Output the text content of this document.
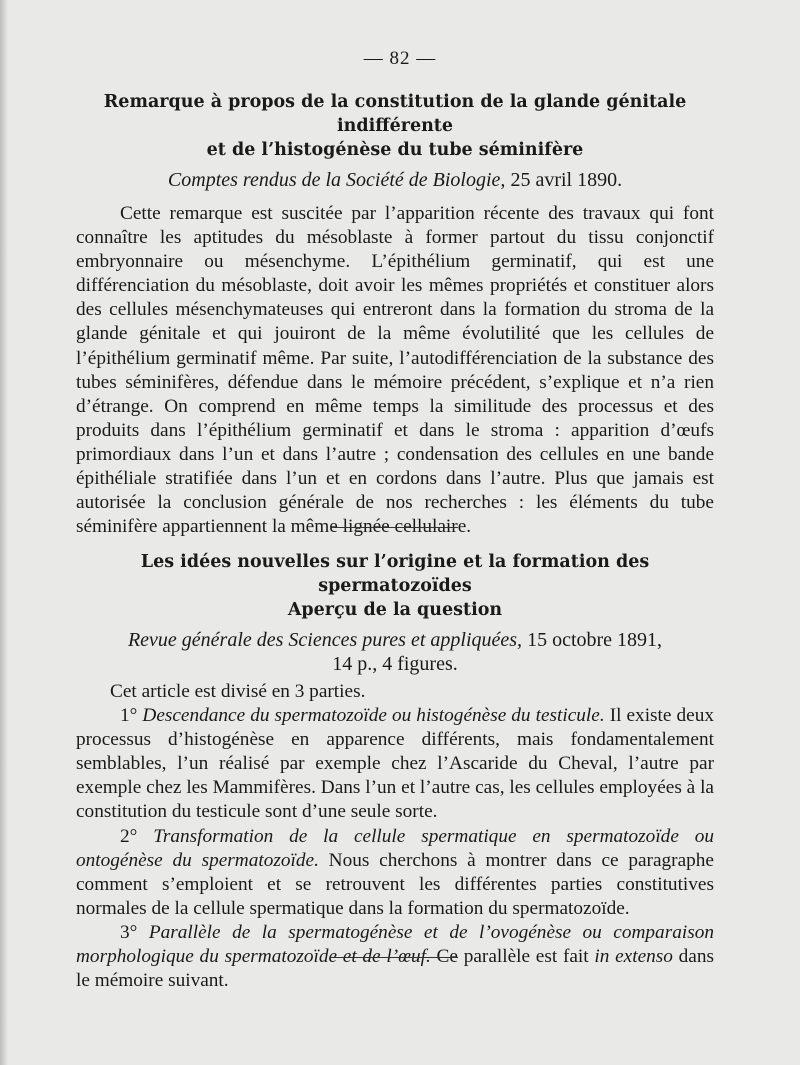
— 82 —

Remarque à propos de la constitution de la glande génitale indifférente

et de l’histogénèse du tube séminifère

Comptes rendus de la Société de Biologie, 25 avril 1890.

Cette remarque est suscitée par l’apparition récente des travaux qui font connaître les aptitudes du mésoblaste à former partout du tissu conjonctif embryonnaire ou mésenchyme. L’épithélium germinatif, qui est une différenciation du mésoblaste, doit avoir les mêmes propriétés et constituer alors des cellules mésenchymateuses qui entreront dans la formation du stroma de la glande génitale et qui jouiront de la même évolutilité que les cellules de l’épithélium germinatif même. Par suite, l’autodifférenciation de la substance des tubes séminifères, défendue dans le mémoire précédent, s’explique et n’a rien d’étrange. On comprend en même temps la similitude des processus et des produits dans l’épithélium germinatif et dans le stroma : apparition d’œufs primordiaux dans l’un et dans l’autre ; condensation des cellules en une bande épithéliale stratifiée dans l’un et en cordons dans l’autre. Plus que jamais est autorisée la conclusion générale de nos recherches : les éléments du tube séminifère appartiennent la même lignée cellulaire.

Les idées nouvelles sur l’origine et la formation des spermatozoïdes

Aperçu de la question

Revue générale des Sciences pures et appliquées, 15 octobre 1891,

14 p., 4 figures.

Cet article est divisé en 3 parties.

1° Descendance du spermatozoïde ou histogénèse du testicule. Il existe deux processus d’histogénèse en apparence différents, mais fondamentalement semblables, l’un réalisé par exemple chez l’Ascaride du Cheval, l’autre par exemple chez les Mammifères. Dans l’un et l’autre cas, les cellules employées à la constitution du testicule sont d’une seule sorte.

2° Transformation de la cellule spermatique en spermatozoïde ou ontogénèse du spermatozoïde. Nous cherchons à montrer dans ce paragraphe comment s’emploient et se retrouvent les différentes parties constitutives normales de la cellule spermatique dans la formation du spermatozoïde.

3° Parallèle de la spermatogénèse et de l’ovogénèse ou comparaison morphologique du spermatozoïde et de l’œuf. Ce parallèle est fait in extenso dans le mémoire suivant.
